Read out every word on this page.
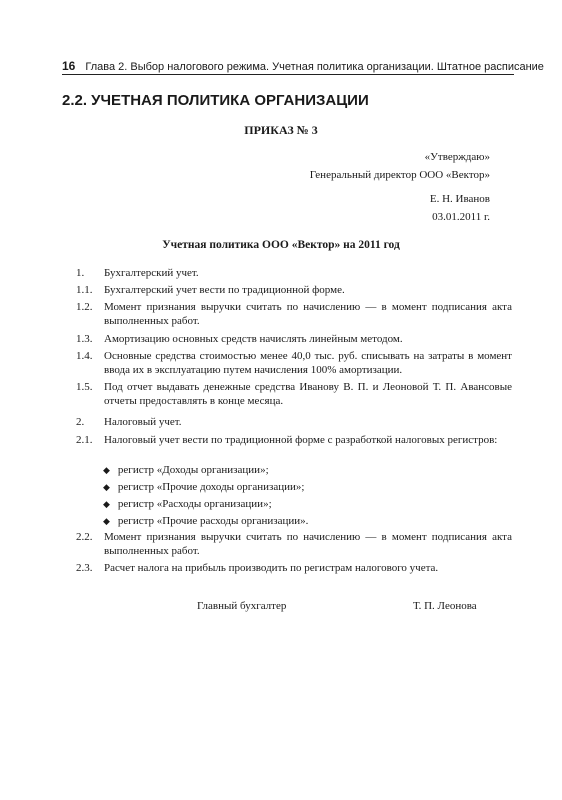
16 Глава 2. Выбор налогового режима. Учетная политика организации. Штатное расписание
2.2. УЧЕТНАЯ ПОЛИТИКА ОРГАНИЗАЦИИ
ПРИКАЗ № 3
«Утверждаю»
Генеральный директор ООО «Вектор»
Е. Н. Иванов
03.01.2011 г.
Учетная политика ООО «Вектор» на 2011 год
1. Бухгалтерский учет.
1.1. Бухгалтерский учет вести по традиционной форме.
1.2. Момент признания выручки считать по начислению — в момент подписания акта выполненных работ.
1.3. Амортизацию основных средств начислять линейным методом.
1.4. Основные средства стоимостью менее 40,0 тыс. руб. списывать на затраты в момент ввода их в эксплуатацию путем начисления 100% амортизации.
1.5. Под отчет выдавать денежные средства Иванову В. П. и Леоновой Т. П. Авансовые отчеты предоставлять в конце месяца.
2. Налоговый учет.
2.1. Налоговый учет вести по традиционной форме с разработкой налоговых регистров:
◆ регистр «Доходы организации»;
◆ регистр «Прочие доходы организации»;
◆ регистр «Расходы организации»;
◆ регистр «Прочие расходы организации».
2.2. Момент признания выручки считать по начислению — в момент подписания акта выполненных работ.
2.3. Расчет налога на прибыль производить по регистрам налогового учета.
Главный бухгалтер	Т. П. Леонова
